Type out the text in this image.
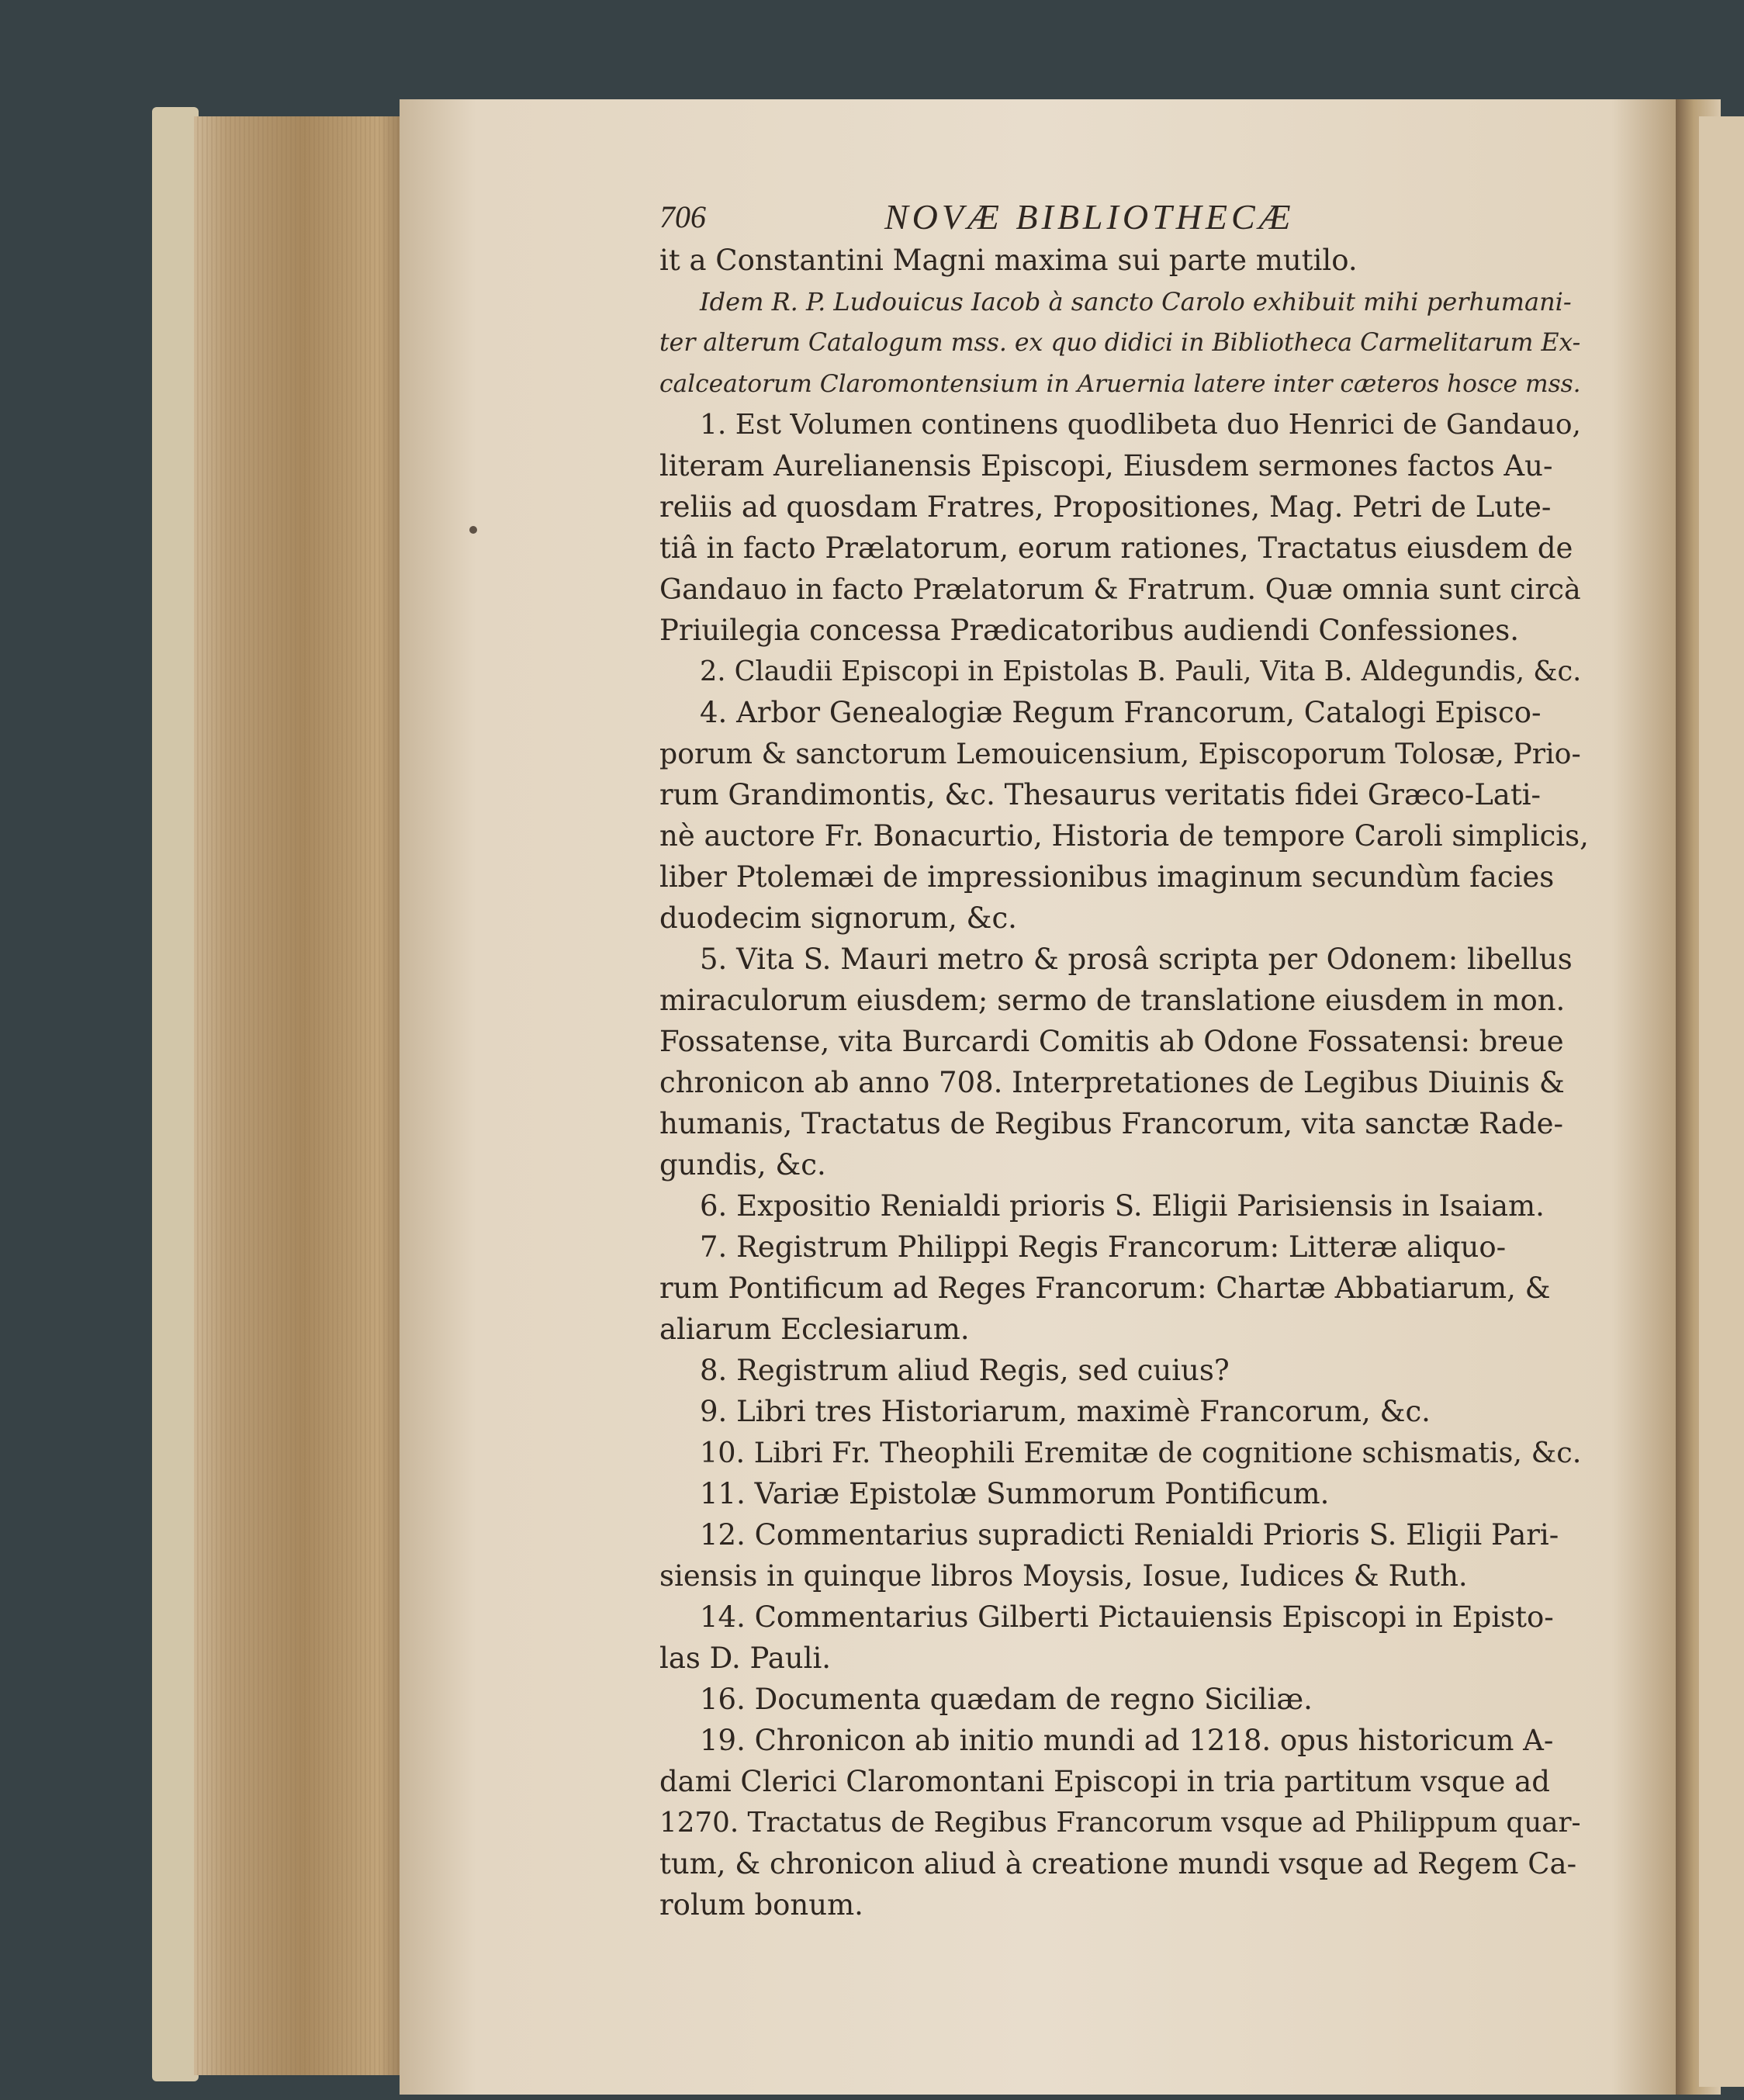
706	NOVÆ BIBLIOTHECÆ
it a Constantini Magni maxima sui parte mutilo.
Idem R. P. Ludouicus Iacob à sancto Carolo exhibuit mihi perhumani-
ter alterum Catalogum mss. ex quo didici in Bibliotheca Carmelitarum Ex-
calceatorum Claromontensium in Aruernia latere inter cæteros hosce mss.
1. Est Volumen continens quodlibeta duo Henrici de Gandauo,
literam Aurelianensis Episcopi, Eiusdem sermones factos Au-
reliis ad quosdam Fratres, Propositiones, Mag. Petri de Lute-
tiâ in facto Prælatorum, eorum rationes, Tractatus eiusdem de
Gandauo in facto Prælatorum & Fratrum. Quæ omnia sunt circà
Priuilegia concessa Prædicatoribus audiendi Confessiones.
2. Claudii Episcopi in Epistolas B. Pauli, Vita B. Aldegundis, &c.
4. Arbor Genealogiæ Regum Francorum, Catalogi Episco-
porum & sanctorum Lemouicensium, Episcoporum Tolosæ, Prio-
rum Grandimontis, &c. Thesaurus veritatis fidei Græco-Lati-
nè auctore Fr. Bonacurtio, Historia de tempore Caroli simplicis,
liber Ptolemæi de impressionibus imaginum secundùm facies
duodecim signorum, &c.
5. Vita S. Mauri metro & prosâ scripta per Odonem: libellus
miraculorum eiusdem; sermo de translatione eiusdem in mon.
Fossatense, vita Burcardi Comitis ab Odone Fossatensi: breue
chronicon ab anno 708. Interpretationes de Legibus Diuinis &
humanis, Tractatus de Regibus Francorum, vita sanctæ Rade-
gundis, &c.
6. Expositio Renialdi prioris S. Eligii Parisiensis in Isaiam.
7. Registrum Philippi Regis Francorum: Litteræ aliquo-
rum Pontificum ad Reges Francorum: Chartæ Abbatiarum, &
aliarum Ecclesiarum.
8. Registrum aliud Regis, sed cuius?
9. Libri tres Historiarum, maximè Francorum, &c.
10. Libri Fr. Theophili Eremitæ de cognitione schismatis, &c.
11. Variæ Epistolæ Summorum Pontificum.
12. Commentarius supradicti Renialdi Prioris S. Eligii Pari-
siensis in quinque libros Moysis, Iosue, Iudices & Ruth.
14. Commentarius Gilberti Pictauiensis Episcopi in Episto-
las D. Pauli.
16. Documenta quædam de regno Siciliæ.
19. Chronicon ab initio mundi ad 1218. opus historicum A-
dami Clerici Claromontani Episcopi in tria partitum vsque ad
1270. Tractatus de Regibus Francorum vsque ad Philippum quar-
tum, & chronicon aliud à creatione mundi vsque ad Regem Ca-
rolum bonum.
